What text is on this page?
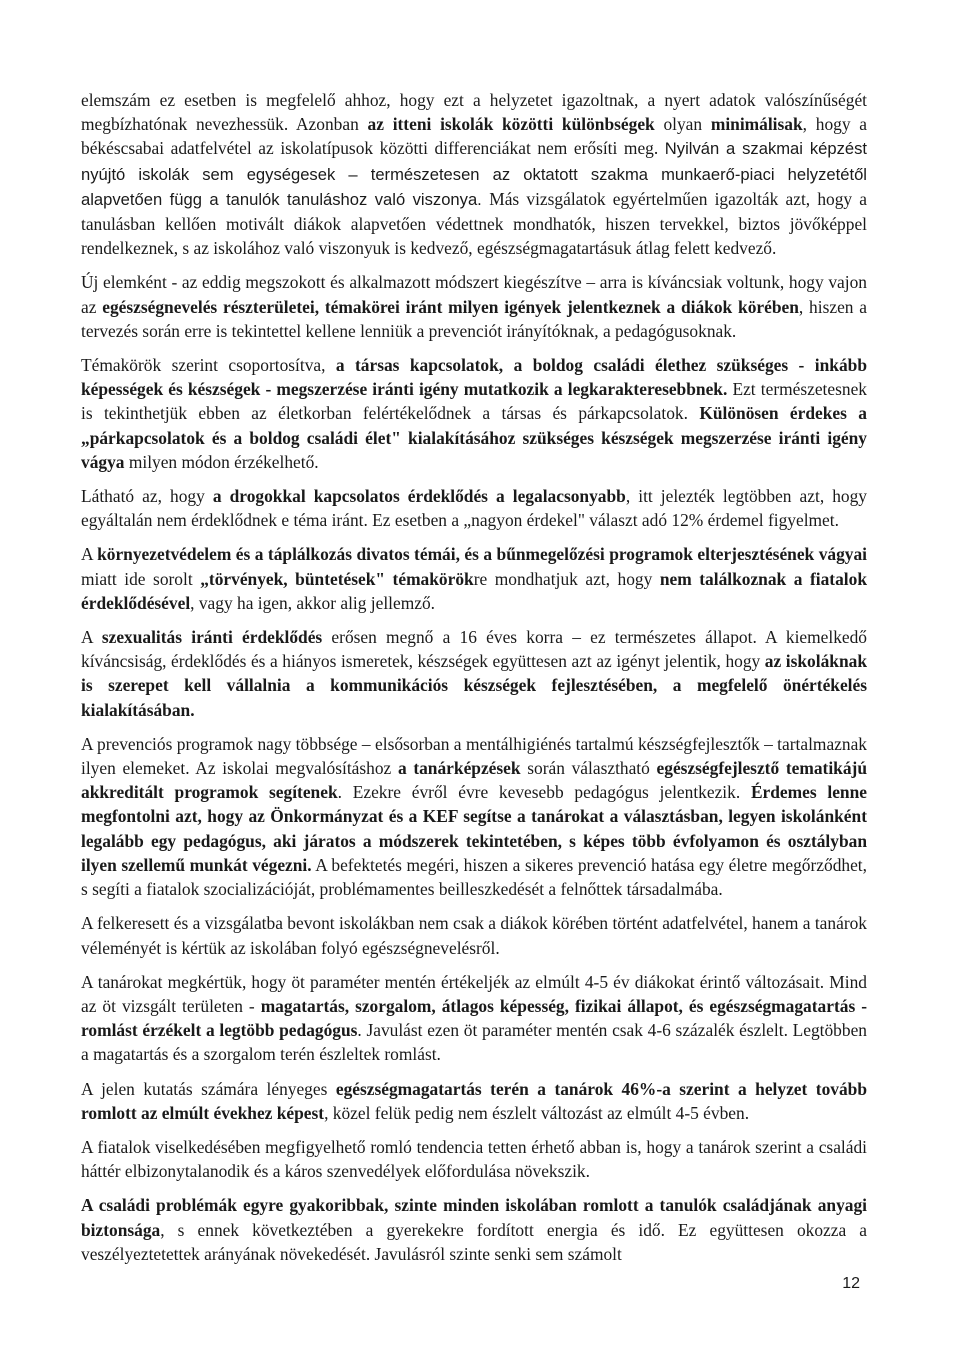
elemszám ez esetben is megfelelő ahhoz, hogy ezt a helyzetet igazoltnak, a nyert adatok valószínűségét megbízhatónak nevezhessük. Azonban az itteni iskolák közötti különbségek olyan minimálisak, hogy a békéscsabai adatfelvétel az iskolatípusok közötti differenciákat nem erősíti meg. Nyilván a szakmai képzést nyújtó iskolák sem egységesek – természetesen az oktatott szakma munkaerő-piaci helyzetétől alapvetően függ a tanulók tanuláshoz való viszonya. Más vizsgálatok egyértelműen igazolták azt, hogy a tanulásban kellően motivált diákok alapvetően védettnek mondhatók, hiszen tervekkel, biztos jövőképpel rendelkeznek, s az iskolához való viszonyuk is kedvező, egészségmagatartásuk átlag felett kedvező.

Új elemként - az eddig megszokott és alkalmazott módszert kiegészítve – arra is kíváncsiak voltunk, hogy vajon az egészségnevelés részterületei, témakörei iránt milyen igények jelentkeznek a diákok körében, hiszen a tervezés során erre is tekintettel kellene lenniük a prevenciót irányítóknak, a pedagógusoknak.

Témakörök szerint csoportosítva, a társas kapcsolatok, a boldog családi élethez szükséges - inkább képességek és készségek - megszerzése iránti igény mutatkozik a legkarakteresebbnek. Ezt természetesnek is tekinthetjük ebben az életkorban felértékelődnek a társas és párkapcsolatok. Különösen érdekes a „párkapcsolatok és a boldog családi élet" kialakításához szükséges készségek megszerzése iránti igény vágya milyen módon érzékelhető.

Látható az, hogy a drogokkal kapcsolatos érdeklődés a legalacsonyabb, itt jelezték legtöbben azt, hogy egyáltalán nem érdeklődnek e téma iránt. Ez esetben a „nagyon érdekel" választ adó 12% érdemel figyelmet.

A környezetvédelem és a táplálkozás divatos témái, és a bűnmegelőzési programok elterjesztésének vágyai miatt ide sorolt „törvények, büntetések" témakörökre mondhatjuk azt, hogy nem találkoznak a fiatalok érdeklődésével, vagy ha igen, akkor alig jellemző.

A szexualitás iránti érdeklődés erősen megnő a 16 éves korra – ez természetes állapot. A kiemelkedő kíváncsiság, érdeklődés és a hiányos ismeretek, készségek együttesen azt az igényt jelentik, hogy az iskoláknak is szerepet kell vállalnia a kommunikációs készségek fejlesztésében, a megfelelő önértékelés kialakításában.

A prevenciós programok nagy többsége – elsősorban a mentálhigiénés tartalmú készségfejlesztők – tartalmaznak ilyen elemeket. Az iskolai megvalósításhoz a tanárképzések során választható egészségfejlesztő tematikájú akkreditált programok segítenek. Ezekre évről évre kevesebb pedagógus jelentkezik. Érdemes lenne megfontolni azt, hogy az Önkormányzat és a KEF segítse a tanárokat a választásban, legyen iskolánként legalább egy pedagógus, aki járatos a módszerek tekintetében, s képes több évfolyamon és osztályban ilyen szellemű munkát végezni. A befektetés megéri, hiszen a sikeres prevenció hatása egy életre megőrződhet, s segíti a fiatalok szocializációját, problémamentes beilleszkedését a felnőttek társadalmába.

A felkeresett és a vizsgálatba bevont iskolákban nem csak a diákok körében történt adatfelvétel, hanem a tanárok véleményét is kértük az iskolában folyó egészségnevelésről.

A tanárokat megkértük, hogy öt paraméter mentén értékeljék az elmúlt 4-5 év diákokat érintő változásait. Mind az öt vizsgált területen - magatartás, szorgalom, átlagos képesség, fizikai állapot, és egészségmagatartás - romlást érzékelt a legtöbb pedagógus. Javulást ezen öt paraméter mentén csak 4-6 százalék észlelt. Legtöbben a magatartás és a szorgalom terén észleltek romlást.

A jelen kutatás számára lényeges egészségmagatartás terén a tanárok 46%-a szerint a helyzet tovább romlott az elmúlt évekhez képest, közel felük pedig nem észlelt változást az elmúlt 4-5 évben.

A fiatalok viselkedésében megfigyelhető romló tendencia tetten érhető abban is, hogy a tanárok szerint a családi háttér elbizonytalanodik és a káros szenvedélyek előfordulása növekszik.

A családi problémák egyre gyakoribbak, szinte minden iskolában romlott a tanulók családjának anyagi biztonsága, s ennek következtében a gyerekekre fordított energia és idő. Ez együttesen okozza a veszélyeztetettek arányának növekedését. Javulásról szinte senki sem számolt

12
